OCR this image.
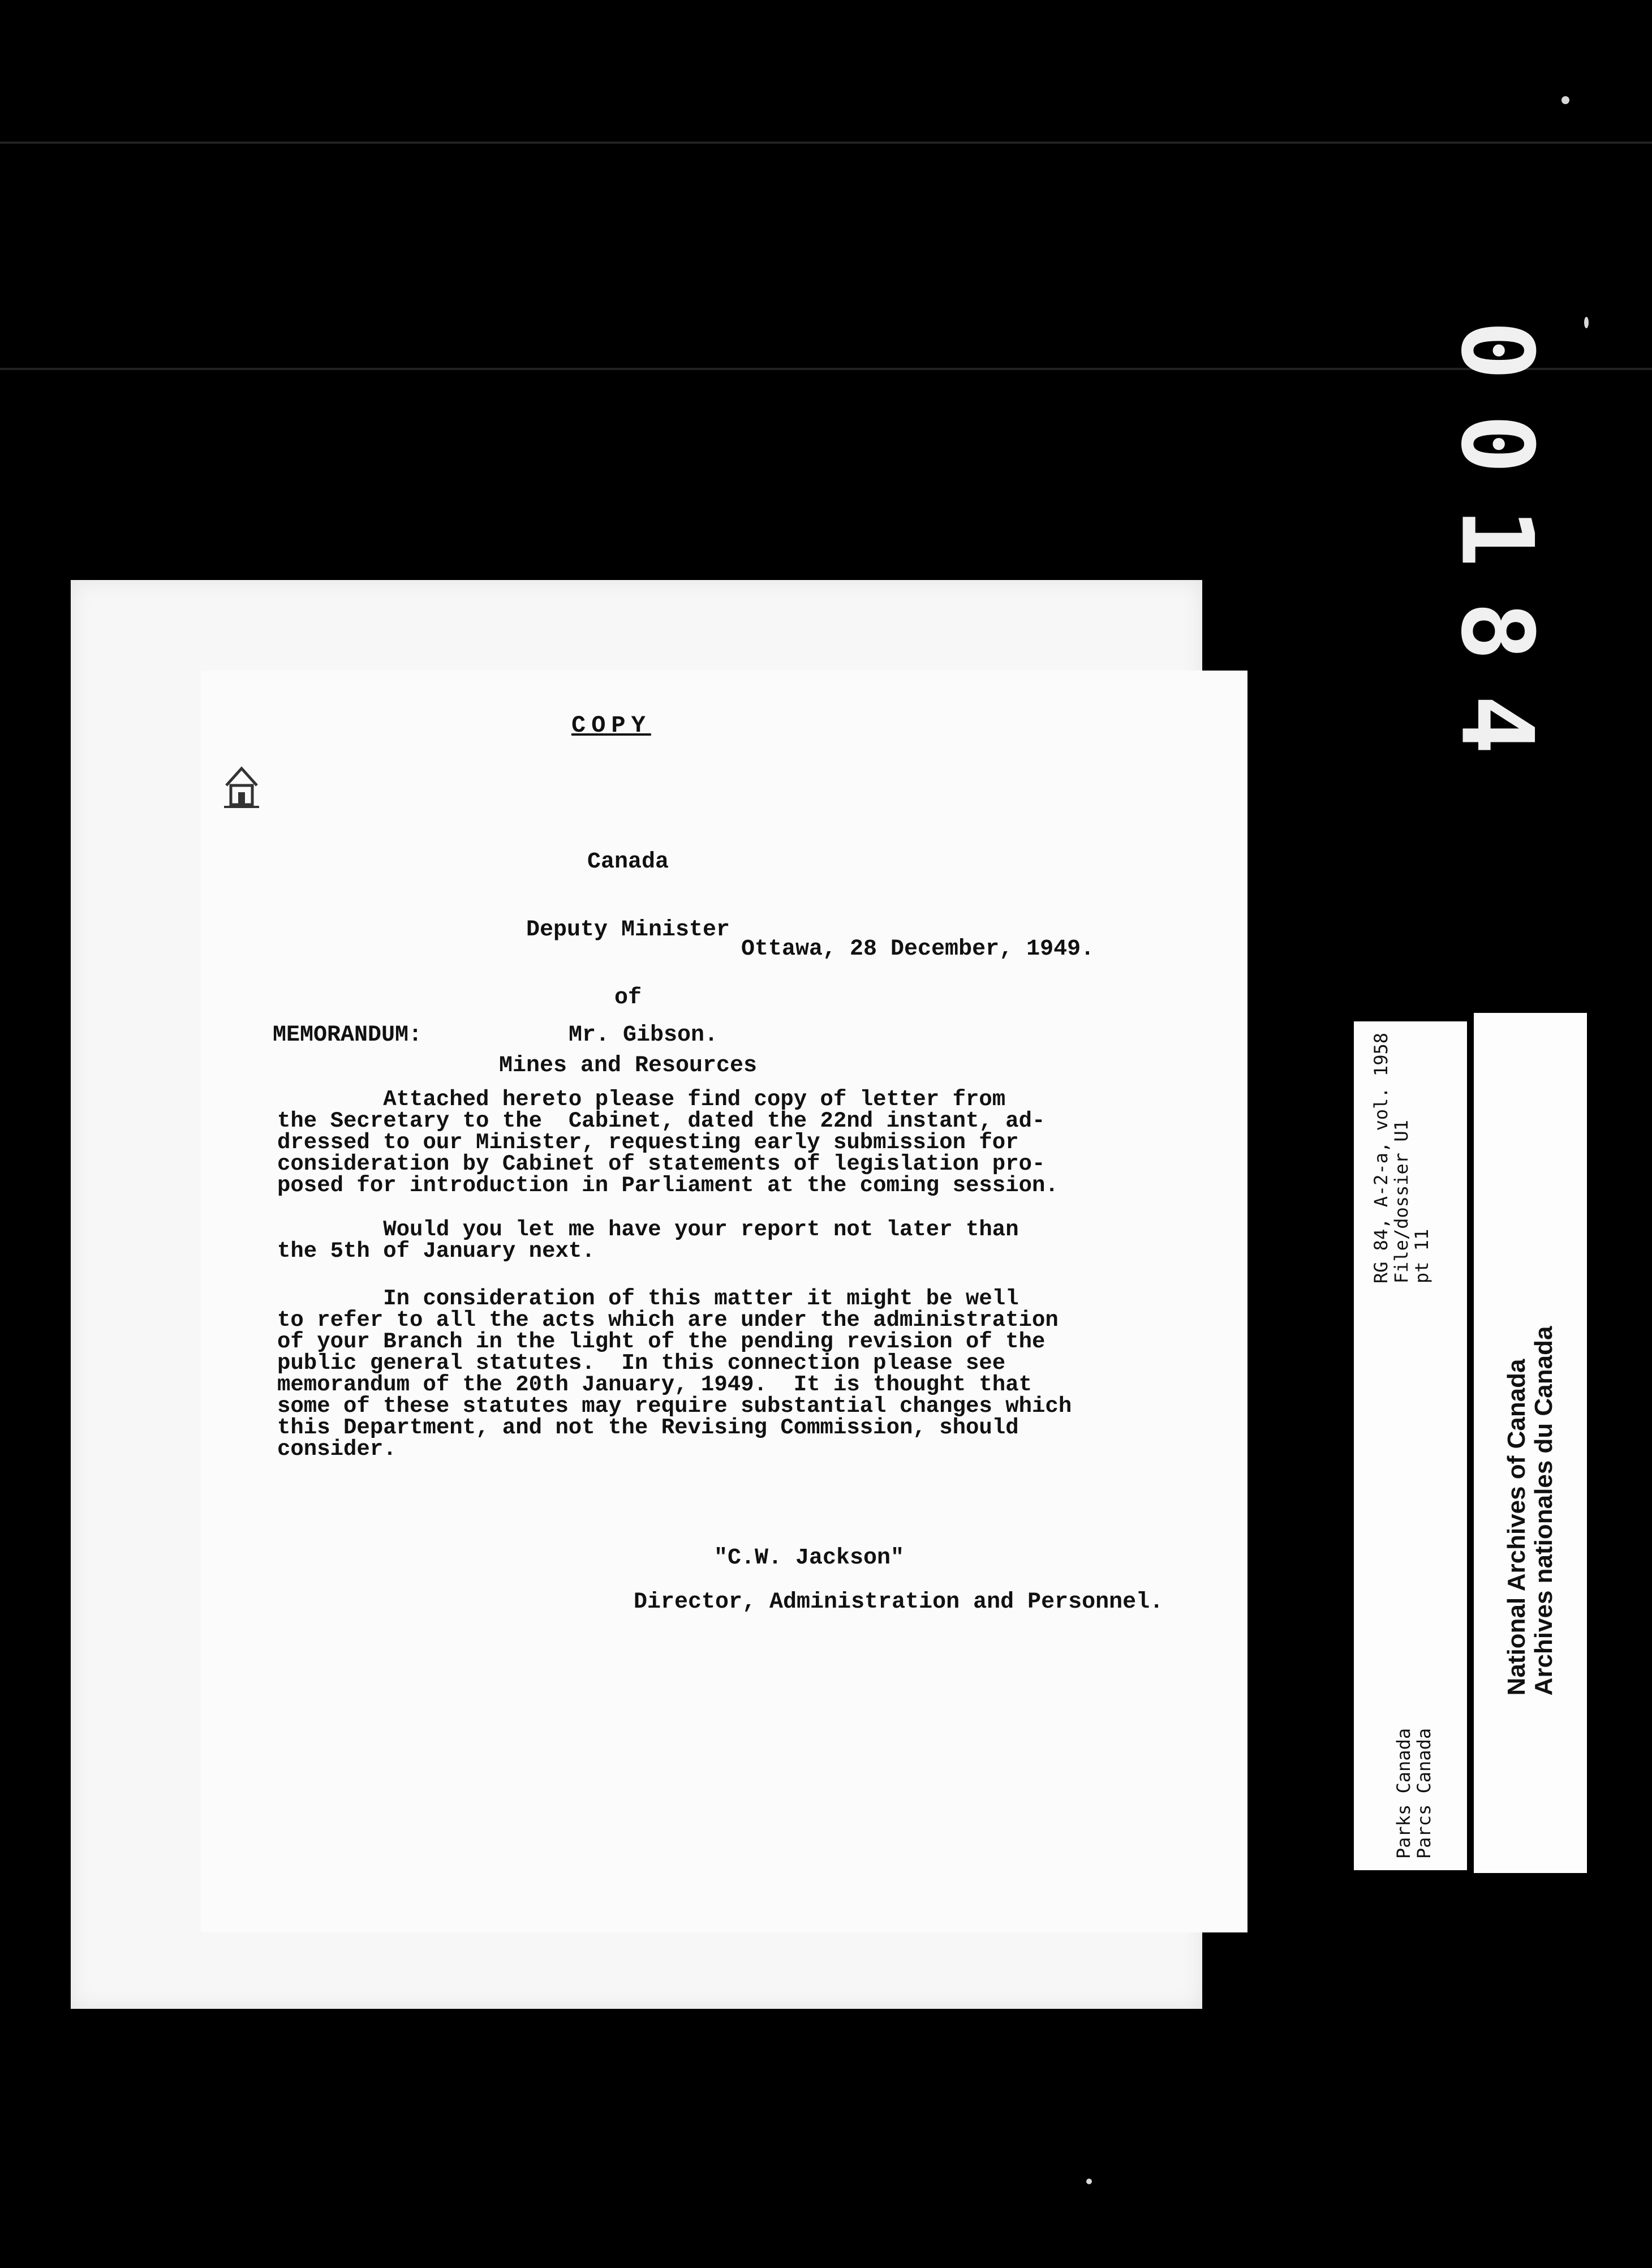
00184
COPY

Canada

Deputy Minister

of

Mines and Resources

Ottawa, 28 December, 1949.
MEMORANDUM:	Mr. Gibson.
Attached hereto please find copy of letter from
the Secretary to the  Cabinet, dated the 22nd instant, ad-
dressed to our Minister, requesting early submission for
consideration by Cabinet of statements of legislation pro-
posed for introduction in Parliament at the coming session.
Would you let me have your report not later than
the 5th of January next.
In consideration of this matter it might be well
to refer to all the acts which are under the administration
of your Branch in the light of the pending revision of the
public general statutes.  In this connection please see
memorandum of the 20th January, 1949.  It is thought that
some of these statutes may require substantial changes which
this Department, and not the Revising Commission, should
consider.
"C.W. Jackson"
Director, Administration and Personnel.
RG 84, A-2-a, vol. 1958
File/dossier U1
pt 11
Parks Canada
Parcs Canada
National Archives of Canada Archives nationales du Canada
